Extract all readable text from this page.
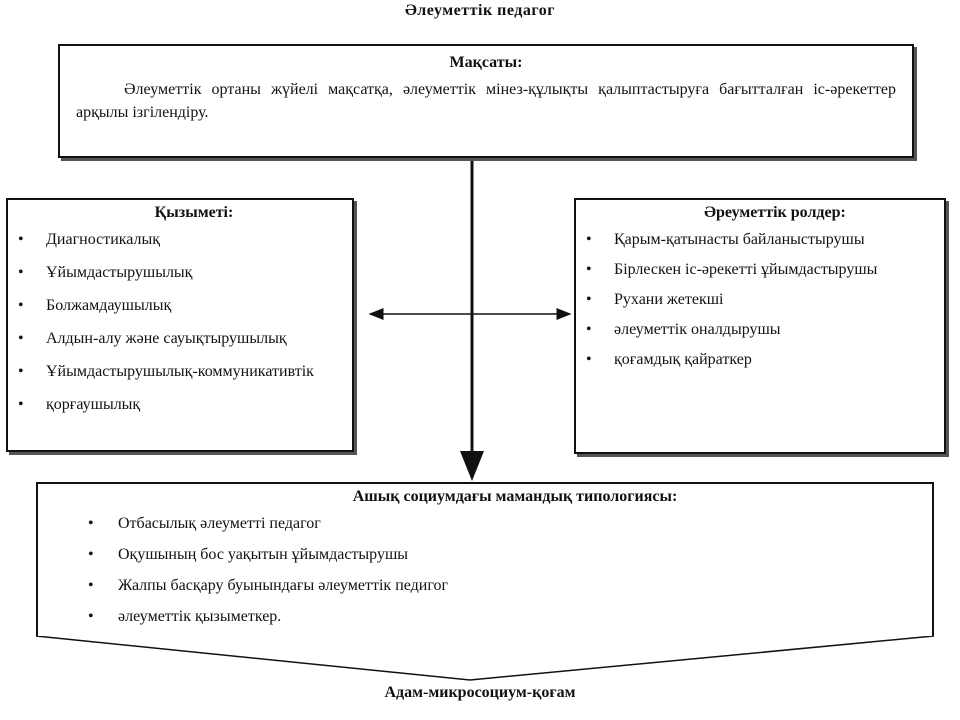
Әлеуметтік педагог

Мақсаты:

Әлеуметтік ортаны жүйелі мақсатқа, әлеуметтік мінез-құлықты қалыптастыруға бағытталған іс-әрекеттер арқылы ізгілендіру.

Қызыметі:

• Диагностикалық
• Ұйымдастырушылық
• Болжамдаушылық
• Алдын-алу және сауықтырушылық
• Ұйымдастырушылық-коммуникативтік
• қорғаушылық

Әреуметтік ролдер:

• Қарым-қатынасты байланыстырушы
• Бірлескен іс-әрекетті ұйымдастырушы
• Рухани жетекші
• әлеуметтік оналдырушы
• қоғамдық қайраткер

Ашық социумдағы мамандық типологиясы:

• Отбасылық әлеуметті педагог
• Оқушының бос уақытын ұйымдастырушы
• Жалпы басқару буынындағы әлеуметтік педигог
• әлеуметтік қызыметкер.
Адам-микросоциум-қоғам
